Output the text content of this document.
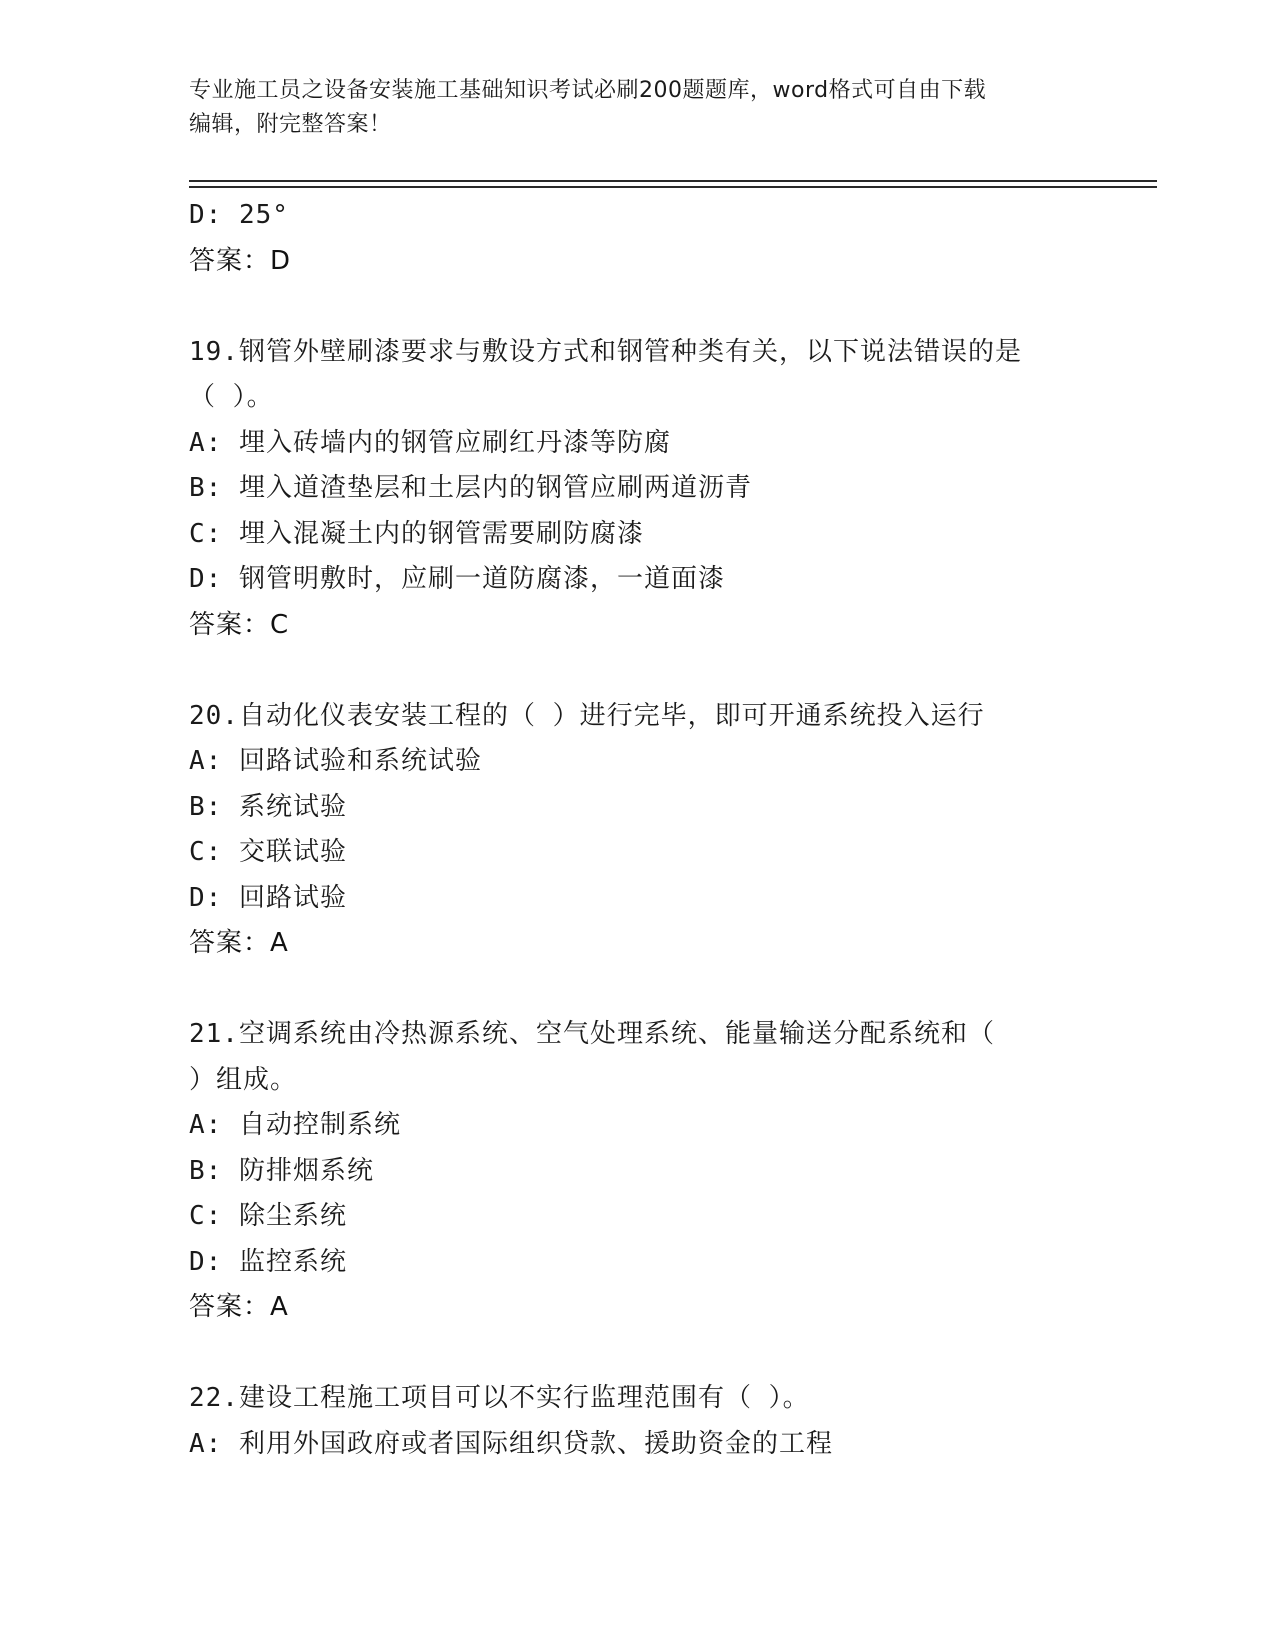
专业施工员之设备安装施工基础知识考试必刷200题题库，word格式可自由下载
编辑，附完整答案！
D: 25°
答案：D
19.钢管外壁刷漆要求与敷设方式和钢管种类有关，以下说法错误的是
（ ）。
A: 埋入砖墙内的钢管应刷红丹漆等防腐
B: 埋入道渣垫层和土层内的钢管应刷两道沥青
C: 埋入混凝土内的钢管需要刷防腐漆
D: 钢管明敷时，应刷一道防腐漆，一道面漆
答案：C
20.自动化仪表安装工程的（ ）进行完毕，即可开通系统投入运行
A: 回路试验和系统试验
B: 系统试验
C: 交联试验
D: 回路试验
答案：A
21.空调系统由冷热源系统、空气处理系统、能量输送分配系统和（
）组成。
A: 自动控制系统
B: 防排烟系统
C: 除尘系统
D: 监控系统
答案：A
22.建设工程施工项目可以不实行监理范围有（ ）。
A: 利用外国政府或者国际组织贷款、援助资金的工程
